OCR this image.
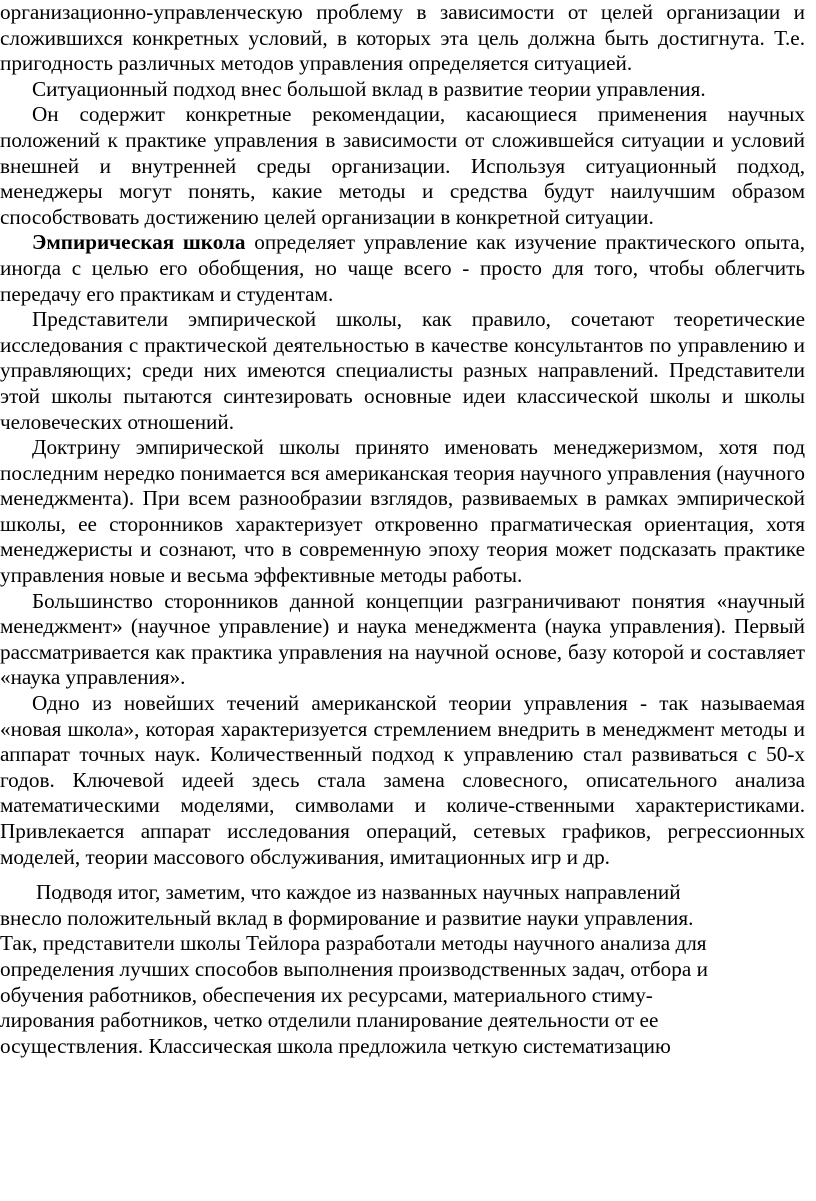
организационно-управленческую проблему в зависимости от целей организации и сложившихся конкретных условий, в которых эта цель должна быть достигнута. Т.е. пригодность различных методов управления определяется ситуацией.

Ситуационный подход внес большой вклад в развитие теории управления.

Он содержит конкретные рекомендации, касающиеся применения научных положений к практике управления в зависимости от сложившейся ситуации и условий внешней и внутренней среды организации. Используя ситуационный подход, менеджеры могут понять, какие методы и средства будут наилучшим образом способствовать достижению целей организации в конкретной ситуации.

Эмпирическая школа определяет управление как изучение практического опыта, иногда с целью его обобщения, но чаще всего - просто для того, чтобы облегчить передачу его практикам и студентам.

Представители эмпирической школы, как правило, сочетают теоретические исследования с практической деятельностью в качестве консультантов по управлению и управляющих; среди них имеются специалисты разных направлений. Представители этой школы пытаются синтезировать основные идеи классической школы и школы человеческих отношений.

Доктрину эмпирической школы принято именовать менеджеризмом, хотя под последним нередко понимается вся американская теория научного управления (научного менеджмента). При всем разнообразии взглядов, развиваемых в рамках эмпирической школы, ее сторонников характеризует откровенно прагматическая ориентация, хотя менеджеристы и сознают, что в современную эпоху теория может подсказать практике управления новые и весьма эффективные методы работы.

Большинство сторонников данной концепции разграничивают понятия «научный менеджмент» (научное управление) и наука менеджмента (наука управления). Первый рассматривается как практика управления на научной основе, базу которой и составляет «наука управления».

Одно из новейших течений американской теории управления - так называемая «новая школа», которая характеризуется стремлением внедрить в менеджмент методы и аппарат точных наук. Количественный подход к управлению стал развиваться с 50-х годов. Ключевой идеей здесь стала замена словесного, описательного анализа математическими моделями, символами и количе-ственными характеристиками. Привлекается аппарат исследования операций, сетевых графиков, регрессионных моделей, теории массового обслуживания, имитационных игр и др.

Подводя итог, заметим, что каждое из названных научных направлений
внесло положительный вклад в формирование и развитие науки управления.
Так, представители школы Тейлора разработали методы научного анализа для
определения лучших способов выполнения производственных задач, отбора и
обучения работников, обеспечения их ресурсами, материального стиму-
лирования работников, четко отделили планирование деятельности от ее
осуществления. Классическая школа предложила четкую систематизацию
